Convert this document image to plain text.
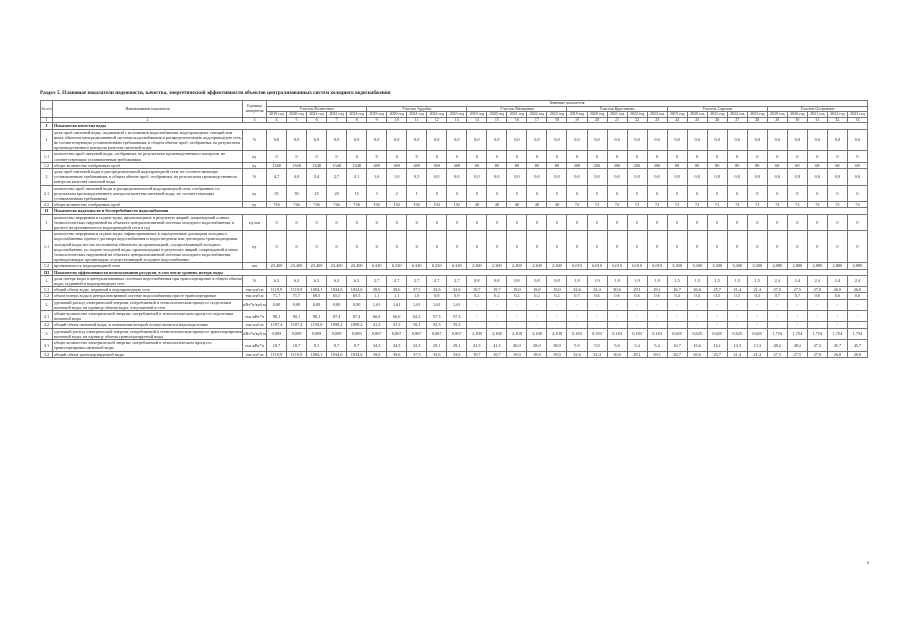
Раздел 5. Плановые показатели надежности, качества, энергетической эффективности объектов централизованных систем холодного водоснабжения
№ п/п	Наименование показателя	Единица измерения	Значение показателя																													
			Участок Вознесенье					Участок Ардабье					Участок Мальцевка					Участок Кругликово					Участок Сорочан					Участок Острожное				
			2019 год	2020 год	2021 год	2022 год	2023 год	2019 год	2020 год	2021 год	2022 год	2023 год	2019 год	2020 год	2021 год	2022 год	2023 год	2019 год	2020 год	2021 год	2022 год	2023 год	2019 год	2020 год	2021 год	2022 год	2023 год	2019 год	2020 год	2021 год	2022 год	2023 год
1	2	3	4	5	6	7	8	9	10	11	12	13	14	15	16	17	18	19	20	21	22	23	24	25	26	27	28	29	30	31	32	33
I	Показатели качества воды																															
1	доля проб питьевой воды, подаваемой с источников водоснабжения, водопроводных станций или иных объектов централизованной системы водоснабжения в распределительную водопроводную сеть, не соответствующих установленным требованиям, в общем объеме проб, отобранных по результатам производственного контроля качества питьевой воды	%	0,0	0,0	0,0	0,0	0,0	0,0	0,0	0,0	0,0	0,0	0,0	0,0	0,0	0,0	0,0	0,0	0,0	0,0	0,0	0,0	0,0	0,0	0,0	0,0	0,0	0,0	0,0	0,0	0,0	0,0
1.1	количество проб питьевой воды, отобранных по результатам производственного контроля, не соответствующих установленным требованиям	ед.	0	0	0	0	0	0	0	0	0	0	0	0	0	0	0	0	0	0	0	0	0	0	0	0	0	0	0	0	0	0
1.2	общее количество отобранных проб	ед.	1348	1348	1348	1348	1348	469	469	469	469	469	80	80	80	80	80	200	200	200	200	200	80	80	80	80	80	68	68	68	68	68
2	доля проб питьевой воды в распределительной водопроводной сети, не соответствующих установленным требованиям, в общем объеме проб, отобранных по результатам производственного контроля качества питьевой воды	%	4,7	4,0	3,4	2,7	2,1	1,6	1,0	0,5	0,0	0,0	0,0	0,0	0,0	0,0	0,0	0,0	0,0	0,0	0,0	0,0	0,0	0,0	0,0	0,0	0,0	0,0	0,0	0,0	0,0	0,0
2.1	количество проб питьевой воды в распределительной водопроводной сети, отобранных по результатам производственного контроля качества питьевой воды, не соответствующих установленным требованиям	ед.	35	30	25	20	15	3	2	1	0	0	0	0	0	0	0	0	0	0	0	0	0	0	0	0	0	0	0	0	0	0
2.2	общее количество отобранных проб	ед.	746	746	746	746	746	192	192	192	192	192	48	48	48	48	48	72	72	72	72	72	72	72	72	72	72	72	72	72	72	72
II	Показатели надежности и бесперебойности водоснабжения																															
1	количество перерывов в подаче воды, произошедших в результате аварий, повреждений и иных технологических нарушений на объектах централизованной системы холодного водоснабжения, в расчете на протяженность водопроводной сети в год	ед./км	0	0	0	0	0	0	0	0	0	0	0	0	0	0	0	0	0	0	0	0	0	0	0	0	0	0	0	0	0	0
1.1	количество перерывов в подаче воды, зафиксированных в определенных договором холодного водоснабжения, единого договора водоснабжения и водоотведения или договором транспортировки холодной воды местах исполнения обязательств организацией, осуществляющей холодное водоснабжение, по подаче холодной воды, произошедших в результате аварий, повреждений и иных технологических нарушений на объектах централизованной системы холодного водоснабжения, принадлежащих организации, осуществляющей холодное водоснабжение	ед.	0	0	0	0	0	0	0	0	0	0	0	0	0	0	0	0	0	0	0	0	0	0	0	0	0	0	0	0	0	0
1.2	протяженность водопроводной сети	км	23,400	23,400	23,400	23,400	23,400	6,330	6,330	6,330	6,330	6,330	2,300	2,300	2,300	2,300	2,300	6,010	6,010	6,010	6,010	6,010	3,300	3,300	3,300	3,300	3,300	2,880	2,880	2,880	2,880	2,880
III	Показатели эффективности использования ресурсов, в том числе уровень потерь воды																															
1	доля потерь воды в централизованных системах водоснабжения при транспортировке в общем объеме воды, поданной в водопроводную сеть	%	6,3	6,3	6,3	6,3	6,3	2,7	2,7	2,7	2,7	2,7	0,8	0,8	0,8	0,8	0,8	1,9	1,9	1,9	1,9	1,9	1,5	1,5	1,5	1,5	1,5	2,4	2,4	2,4	2,4	2,4
1.1	общий объем воды, поданной в водопроводную сеть	тыс.куб.м	1119,9	1119,9	1084,1	1034,6	1034,6	39,6	39,6	37,5	33,6	33,6	19,7	19,7	19,0	18,0	18,0	32,6	32,4	30,6	29,1	29,1	26,7	26,6	25,7	21,4	21,4	27,5	27,5	27,0	26,0	26,0
1.2	объем потерь воды в централизованной системе водоснабжения при ее транспортировке	тыс.куб.м	71,7	71,7	68,5	65,5	65,5	1,1	1,1	1,0	0,9	0,9	0,2	0,2	0,2	0,2	0,2	0,7	0,6	0,6	0,6	0,6	0,4	0,4	0,3	0,3	0,3	0,7	0,7	0,6	0,6	0,6
2	удельный расход электрической энергии, потребляемой в технологическом процессе подготовки питьевой воды, на единицу объема воды, отпускаемой в сеть	кВт*ч/куб.м	0,00	0,00	0,00	0,00	0,00	1,61	1,61	1,61	1,61	1,61	-	-	-	-	-	-	-	-	-	-	-	-	-	-	-	-	-	-	-	-
2.1	общее количество электрической энергии, потребляемой в технологическом процессе подготовки питьевой воды	тыс.кВт*ч	90,1	90,1	90,1	87,4	87,4	66,6	66,6	62,2	57,3	57,3	-	-	-	-	-	-	-	-	-	-	-	-	-	-	-	-	-	-	-	-
2.2	общий объем питьевой воды, в отношении которой осуществляется водоподготовка	тыс.куб.м	1187,4	1187,4	1150,0	1098,2	1098,2	41,2	41,3	39,1	35,3	35,3	-	-	-	-	-	-	-	-	-	-	-	-	-	-	-	-	-	-	-	-
3	удельный расход электрической энергии, потребляемой в технологическом процессе транспортировки питьевой воды, на единицу объема транспортируемой воды	кВт*ч/куб.м	0,009	0,009	0,009	0,009	0,009	0,867	0,867	0,867	0,867	0,867	2,108	2,108	2,108	2,108	2,108	0,183	0,183	0,183	0,183	0,183	0,625	0,625	0,625	0,625	0,625	1,754	1,754	1,754	1,754	1,754
3.1	общее количество электрической энергии, потребляемой в технологическом процессе транспортировки питьевой воды	тыс.кВт*ч	10,7	10,7	9,1	9,7	9,7	34,3	34,3	32,5	29,1	29,1	41,5	41,5	40,0	38,0	38,0	5,9	5,9	5,6	5,4	5,4	16,7	16,6	16,1	13,3	13,3	48,2	48,2	47,3	45,7	45,7
3.2	общий объем транспортируемой воды	тыс.куб.м	1119,9	1119,9	1084,1	1034,6	1034,6	39,6	39,6	37,5	33,6	33,6	19,7	19,7	19,0	18,0	18,0	32,6	32,4	30,6	29,1	29,1	26,7	26,6	25,7	21,4	21,4	27,5	27,5	27,0	26,0	26,0
6
